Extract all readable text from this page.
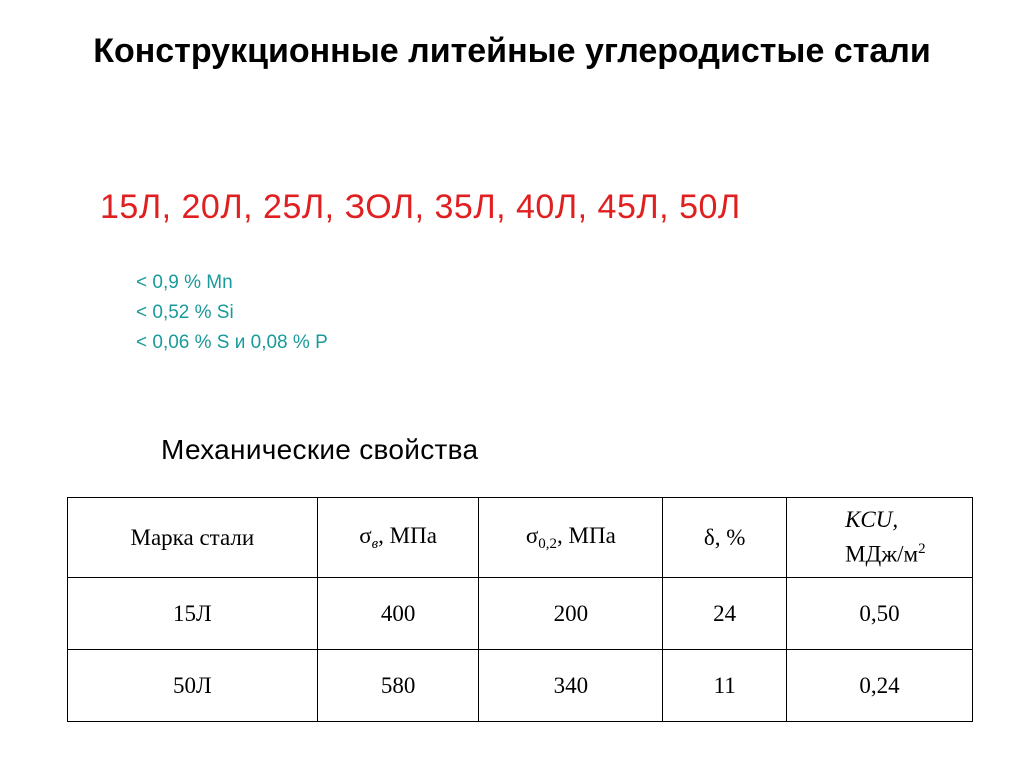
Конструкционные литейные углеродистые стали
15Л, 20Л, 25Л, ЗОЛ, 35Л, 40Л, 45Л, 50Л
< 0,9 % Mn
< 0,52 % Si
< 0,06 % S и 0,08 % P
Механические свойства
Марка стали	$\sigma_в$, МПа	$\sigma_{0,2}$, МПа	δ, %	KCU,
МДж/$м^2$

15Л	400	200	24	0,50
50Л	580	340	11	0,24
